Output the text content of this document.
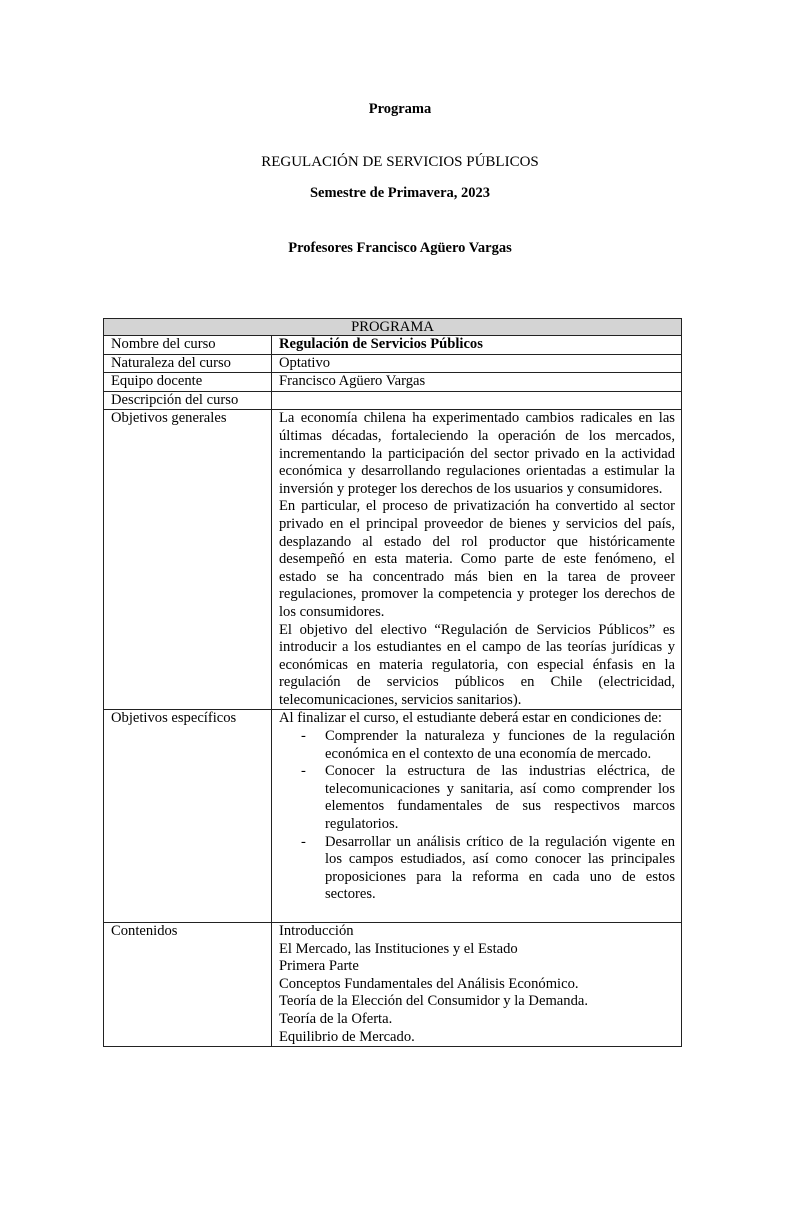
Programa
REGULACIÓN DE SERVICIOS PÚBLICOS
Semestre de Primavera, 2023
Profesores Francisco Agüero Vargas
PROGRAMA	
Nombre del curso	Regulación de Servicios Públicos
Naturaleza del curso	Optativo
Equipo docente	Francisco Agüero Vargas
Descripción del curso	
Objetivos generales	La economía chilena ha experimentado cambios radicales en las últimas décadas, fortaleciendo la operación de los mercados, incrementando la participación del sector privado en la actividad económica y desarrollando regulaciones orientadas a estimular la inversión y proteger los derechos de los usuarios y consumidores.
En particular, el proceso de privatización ha convertido al sector privado en el principal proveedor de bienes y servicios del país, desplazando al estado del rol productor que históricamente desempeñó en esta materia. Como parte de este fenómeno, el estado se ha concentrado más bien en la tarea de proveer regulaciones, promover la competencia y proteger los derechos de los consumidores.
El objetivo del electivo “Regulación de Servicios Públicos” es introducir a los estudiantes en el campo de las teorías jurídicas y económicas en materia regulatoria, con especial énfasis en la regulación de servicios públicos en Chile (electricidad, telecomunicaciones, servicios sanitarios).

Objetivos específicos	Al finalizar el curso, el estudiante deberá estar en condiciones de:
- Comprender la naturaleza y funciones de la regulación económica en el contexto de una economía de mercado.
- Conocer la estructura de las industrias eléctrica, de telecomunicaciones y sanitaria, así como comprender los elementos fundamentales de sus respectivos marcos regulatorios.
- Desarrollar un análisis crítico de la regulación vigente en los campos estudiados, así como conocer las principales proposiciones para la reforma en cada uno de estos sectores.

Contenidos	Introducción
El Mercado, las Instituciones y el Estado
Primera Parte
Conceptos Fundamentales del Análisis Económico.
Teoría de la Elección del Consumidor y la Demanda.
Teoría de la Oferta.
Equilibrio de Mercado.
